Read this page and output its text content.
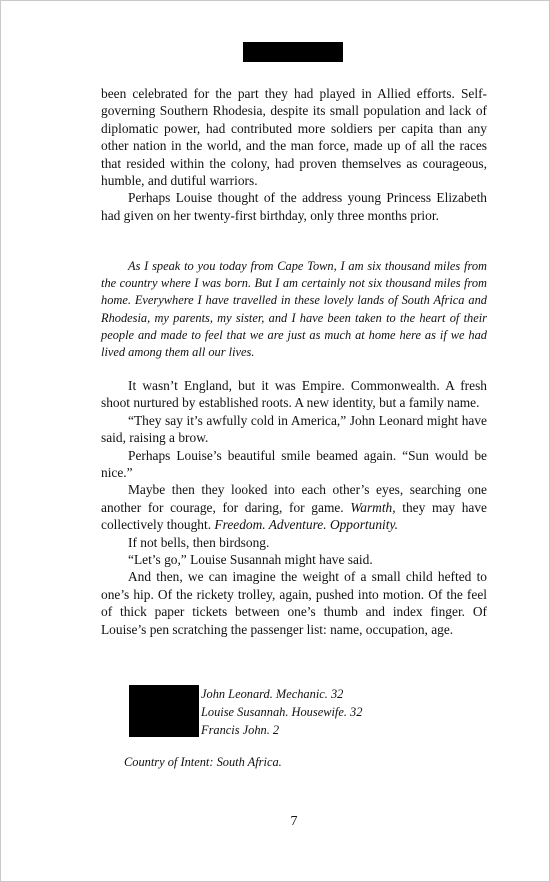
been celebrated for the part they had played in Allied efforts. Self-governing Southern Rhodesia, despite its small population and lack of diplomatic power, had contributed more soldiers per capita than any other nation in the world, and the man force, made up of all the races that resided within the colony, had proven themselves as courageous, humble, and dutiful warriors.

Perhaps Louise thought of the address young Princess Elizabeth had given on her twenty-first birthday, only three months prior.

As I speak to you today from Cape Town, I am six thousand miles from the country where I was born. But I am certainly not six thousand miles from home. Everywhere I have travelled in these lovely lands of South Africa and Rhodesia, my parents, my sister, and I have been taken to the heart of their people and made to feel that we are just as much at home here as if we had lived among them all our lives.

It wasn’t England, but it was Empire. Commonwealth. A fresh shoot nurtured by established roots. A new identity, but a family name.

“They say it’s awfully cold in America,” John Leonard might have said, raising a brow.

Perhaps Louise’s beautiful smile beamed again. “Sun would be nice.”

Maybe then they looked into each other’s eyes, searching one another for courage, for daring, for game. Warmth, they may have collectively thought. Freedom. Adventure. Opportunity.

If not bells, then birdsong.

“Let’s go,” Louise Susannah might have said.

And then, we can imagine the weight of a small child hefted to one’s hip. Of the rickety trolley, again, pushed into motion. Of the feel of thick paper tickets between one’s thumb and index finger. Of Louise’s pen scratching the passenger list: name, occupation, age.

John Leonard. Mechanic. 32
Louise Susannah. Housewife. 32
Francis John. 2
Country of Intent: South Africa.
7
